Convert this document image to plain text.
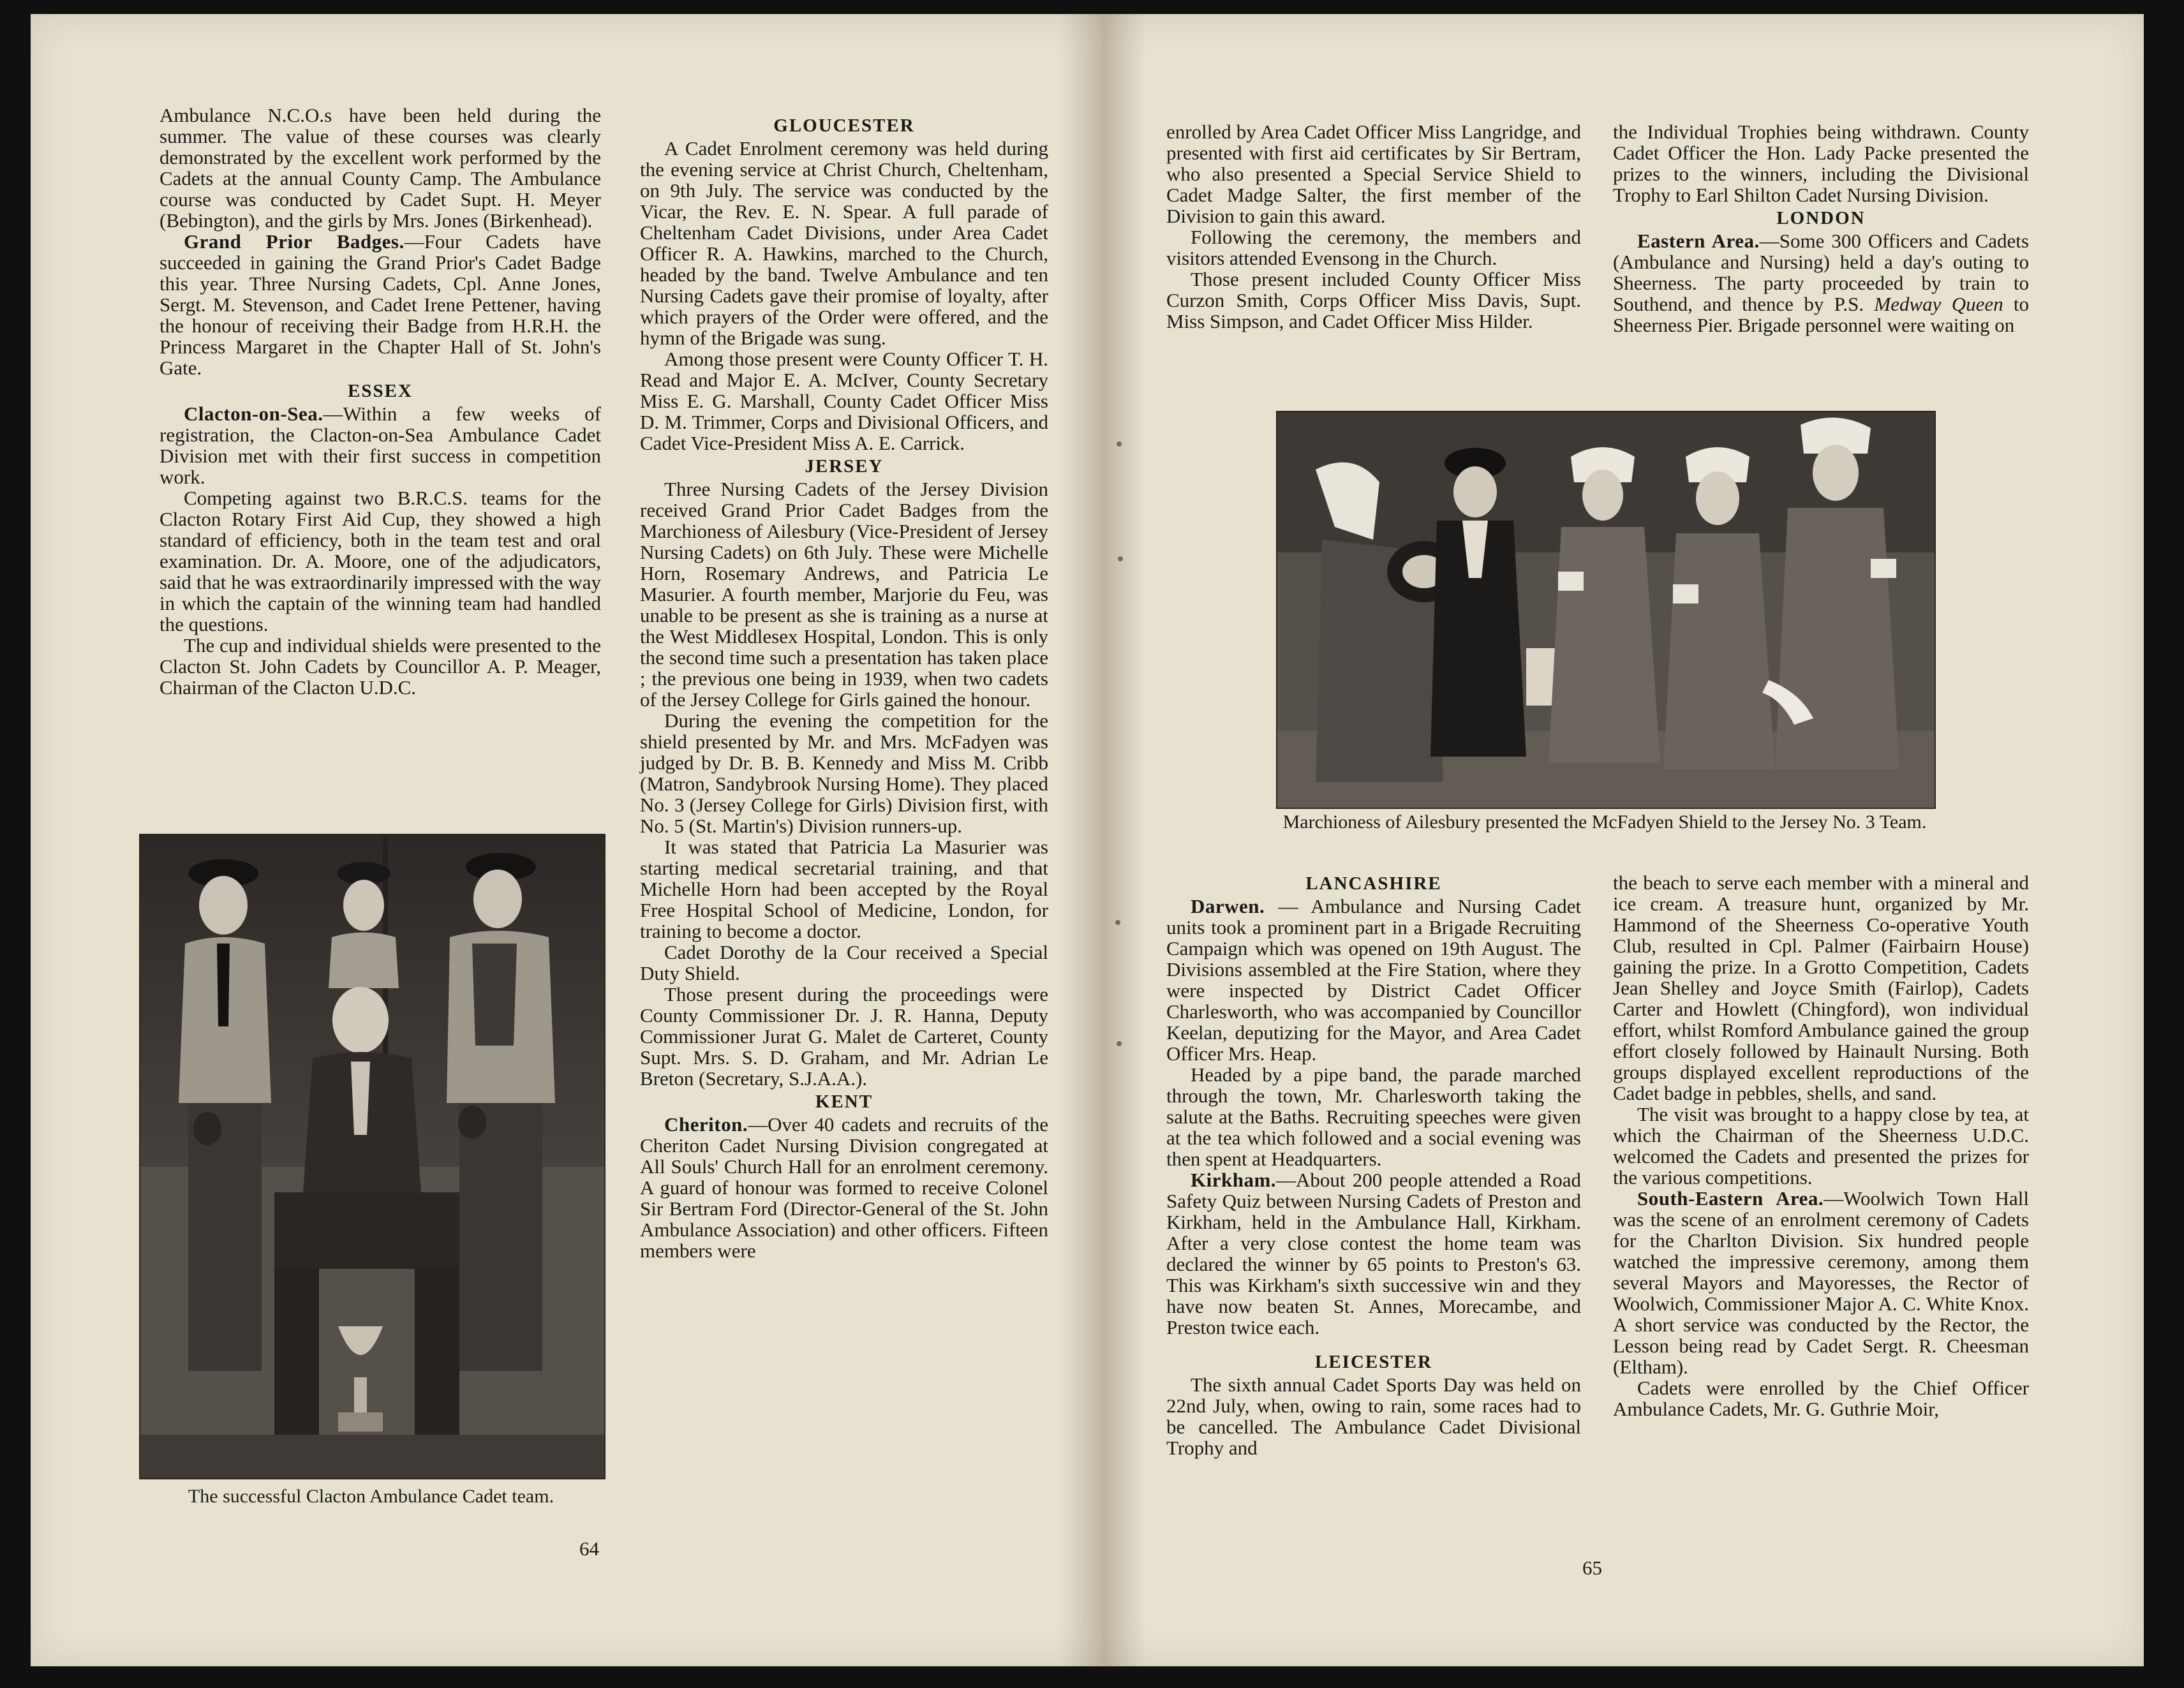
Ambulance N.C.O.s have been held during the summer. The value of these courses was clearly demonstrated by the excellent work performed by the Cadets at the annual County Camp. The Ambulance course was conducted by Cadet Supt. H. Meyer (Bebington), and the girls by Mrs. Jones (Birkenhead).

Grand Prior Badges.—Four Cadets have succeeded in gaining the Grand Prior's Cadet Badge this year. Three Nursing Cadets, Cpl. Anne Jones, Sergt. M. Stevenson, and Cadet Irene Pettener, having the honour of receiving their Badge from H.R.H. the Princess Margaret in the Chapter Hall of St. John's Gate.

ESSEX

Clacton-on-Sea.—Within a few weeks of registration, the Clacton-on-Sea Ambulance Cadet Division met with their first success in competition work.

Competing against two B.R.C.S. teams for the Clacton Rotary First Aid Cup, they showed a high standard of efficiency, both in the team test and oral examination. Dr. A. Moore, one of the adjudicators, said that he was extraordinarily impressed with the way in which the captain of the winning team had handled the questions.

The cup and individual shields were presented to the Clacton St. John Cadets by Councillor A. P. Meager, Chairman of the Clacton U.D.C.

The successful Clacton Ambulance Cadet team.
GLOUCESTER

A Cadet Enrolment ceremony was held during the evening service at Christ Church, Cheltenham, on 9th July. The service was conducted by the Vicar, the Rev. E. N. Spear. A full parade of Cheltenham Cadet Divisions, under Area Cadet Officer R. A. Hawkins, marched to the Church, headed by the band. Twelve Ambulance and ten Nursing Cadets gave their promise of loyalty, after which prayers of the Order were offered, and the hymn of the Brigade was sung.

Among those present were County Officer T. H. Read and Major E. A. McIver, County Secretary Miss E. G. Marshall, County Cadet Officer Miss D. M. Trimmer, Corps and Divisional Officers, and Cadet Vice-President Miss A. E. Carrick.

JERSEY

Three Nursing Cadets of the Jersey Division received Grand Prior Cadet Badges from the Marchioness of Ailesbury (Vice-President of Jersey Nursing Cadets) on 6th July. These were Michelle Horn, Rosemary Andrews, and Patricia Le Masurier. A fourth member, Marjorie du Feu, was unable to be present as she is training as a nurse at the West Middlesex Hospital, London. This is only the second time such a presentation has taken place ; the previous one being in 1939, when two cadets of the Jersey College for Girls gained the honour.

During the evening the competition for the shield presented by Mr. and Mrs. McFadyen was judged by Dr. B. B. Kennedy and Miss M. Cribb (Matron, Sandybrook Nursing Home). They placed No. 3 (Jersey College for Girls) Division first, with No. 5 (St. Martin's) Division runners-up.

It was stated that Patricia La Masurier was starting medical secretarial training, and that Michelle Horn had been accepted by the Royal Free Hospital School of Medicine, London, for training to become a doctor.

Cadet Dorothy de la Cour received a Special Duty Shield.

Those present during the proceedings were County Commissioner Dr. J. R. Hanna, Deputy Commissioner Jurat G. Malet de Carteret, County Supt. Mrs. S. D. Graham, and Mr. Adrian Le Breton (Secretary, S.J.A.A.).

KENT

Cheriton.—Over 40 cadets and recruits of the Cheriton Cadet Nursing Division congregated at All Souls' Church Hall for an enrolment ceremony. A guard of honour was formed to receive Colonel Sir Bertram Ford (Director-General of the St. John Ambulance Association) and other officers. Fifteen members were

64

enrolled by Area Cadet Officer Miss Langridge, and presented with first aid certificates by Sir Bertram, who also presented a Special Service Shield to Cadet Madge Salter, the first member of the Division to gain this award.

Following the ceremony, the members and visitors attended Evensong in the Church.

Those present included County Officer Miss Curzon Smith, Corps Officer Miss Davis, Supt. Miss Simpson, and Cadet Officer Miss Hilder.

the Individual Trophies being withdrawn. County Cadet Officer the Hon. Lady Packe presented the prizes to the winners, including the Divisional Trophy to Earl Shilton Cadet Nursing Division.

LONDON

Eastern Area.—Some 300 Officers and Cadets (Ambulance and Nursing) held a day's outing to Sheerness. The party proceeded by train to Southend, and thence by P.S. Medway Queen to Sheerness Pier. Brigade personnel were waiting on

Marchioness of Ailesbury presented the McFadyen Shield to the Jersey No. 3 Team.
LANCASHIRE

Darwen. — Ambulance and Nursing Cadet units took a prominent part in a Brigade Recruiting Campaign which was opened on 19th August. The Divisions assembled at the Fire Station, where they were inspected by District Cadet Officer Charlesworth, who was accompanied by Councillor Keelan, deputizing for the Mayor, and Area Cadet Officer Mrs. Heap.

Headed by a pipe band, the parade marched through the town, Mr. Charlesworth taking the salute at the Baths. Recruiting speeches were given at the tea which followed and a social evening was then spent at Headquarters.

Kirkham.—About 200 people attended a Road Safety Quiz between Nursing Cadets of Preston and Kirkham, held in the Ambulance Hall, Kirkham. After a very close contest the home team was declared the winner by 65 points to Preston's 63. This was Kirkham's sixth successive win and they have now beaten St. Annes, Morecambe, and Preston twice each.

LEICESTER

The sixth annual Cadet Sports Day was held on 22nd July, when, owing to rain, some races had to be cancelled. The Ambulance Cadet Divisional Trophy and

the beach to serve each member with a mineral and ice cream. A treasure hunt, organized by Mr. Hammond of the Sheerness Co-operative Youth Club, resulted in Cpl. Palmer (Fairbairn House) gaining the prize. In a Grotto Competition, Cadets Jean Shelley and Joyce Smith (Fairlop), Cadets Carter and Howlett (Chingford), won individual effort, whilst Romford Ambulance gained the group effort closely followed by Hainault Nursing. Both groups displayed excellent reproductions of the Cadet badge in pebbles, shells, and sand.

The visit was brought to a happy close by tea, at which the Chairman of the Sheerness U.D.C. welcomed the Cadets and presented the prizes for the various competitions.

South-Eastern Area.—Woolwich Town Hall was the scene of an enrolment ceremony of Cadets for the Charlton Division. Six hundred people watched the impressive ceremony, among them several Mayors and Mayoresses, the Rector of Woolwich, Commissioner Major A. C. White Knox. A short service was conducted by the Rector, the Lesson being read by Cadet Sergt. R. Cheesman (Eltham).

Cadets were enrolled by the Chief Officer Ambulance Cadets, Mr. G. Guthrie Moir,

65
